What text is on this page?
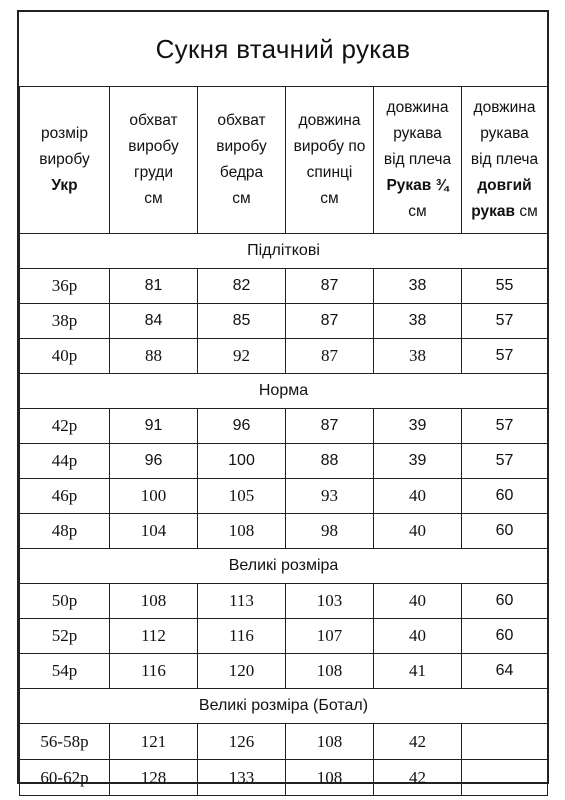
Сукня втачний рукав
розмір
виробу
Укр	обхват
виробу
груди
см	обхват
виробу
бедра
см	довжина
виробу по
спинці
см	довжина
рукава
від плеча
Рукав ¾
см	довжина
рукава
від плеча
довгий
рукав см
Підліткові					
36р	81	82	87	38	55
38р	84	85	87	38	57
40р	88	92	87	38	57
Норма					
42р	91	96	87	39	57
44р	96	100	88	39	57
46р	100	105	93	40	60
48р	104	108	98	40	60
Великі розміра					
50р	108	113	103	40	60
52р	112	116	107	40	60
54р	116	120	108	41	64
Великі розміра (Ботал)					
56-58р	121	126	108	42	
60-62р	128	133	108	42	
